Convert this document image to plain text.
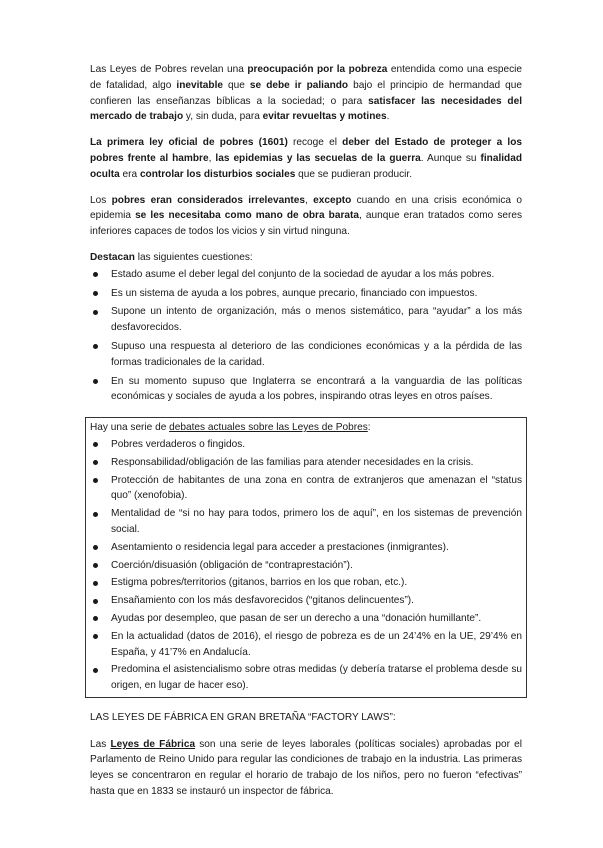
Las Leyes de Pobres revelan una preocupación por la pobreza entendida como una especie de fatalidad, algo inevitable que se debe ir paliando bajo el principio de hermandad que confieren las enseñanzas bíblicas a la sociedad; o para satisfacer las necesidades del mercado de trabajo y, sin duda, para evitar revueltas y motines.

La primera ley oficial de pobres (1601) recoge el deber del Estado de proteger a los pobres frente al hambre, las epidemias y las secuelas de la guerra. Aunque su finalidad oculta era controlar los disturbios sociales que se pudieran producir.

Los pobres eran considerados irrelevantes, excepto cuando en una crisis económica o epidemia se les necesitaba como mano de obra barata, aunque eran tratados como seres inferiores capaces de todos los vicios y sin virtud ninguna.

Destacan las siguientes cuestiones:

Estado asume el deber legal del conjunto de la sociedad de ayudar a los más pobres.
Es un sistema de ayuda a los pobres, aunque precario, financiado con impuestos.
Supone un intento de organización, más o menos sistemático, para “ayudar” a los más desfavorecidos.
Supuso una respuesta al deterioro de las condiciones económicas y a la pérdida de las formas tradicionales de la caridad.
En su momento supuso que Inglaterra se encontrará a la vanguardia de las políticas económicas y sociales de ayuda a los pobres, inspirando otras leyes en otros países.

Hay una serie de debates actuales sobre las Leyes de Pobres:

Pobres verdaderos o fingidos.
Responsabilidad/obligación de las familias para atender necesidades en la crisis.
Protección de habitantes de una zona en contra de extranjeros que amenazan el “status quo” (xenofobia).
Mentalidad de “si no hay para todos, primero los de aquí”, en los sistemas de prevención social.
Asentamiento o residencia legal para acceder a prestaciones (inmigrantes).
Coerción/disuasión (obligación de “contraprestación”).
Estigma pobres/territorios (gitanos, barrios en los que roban, etc.).
Ensañamiento con los más desfavorecidos (“gitanos delincuentes”).
Ayudas por desempleo, que pasan de ser un derecho a una “donación humillante”.
En la actualidad (datos de 2016), el riesgo de pobreza es de un 24’4% en la UE, 29’4% en España, y 41’7% en Andalucía.
Predomina el asistencialismo sobre otras medidas (y debería tratarse el problema desde su origen, en lugar de hacer eso).

LAS LEYES DE FÁBRICA EN GRAN BRETAÑA “FACTORY LAWS”:

Las Leyes de Fábrica son una serie de leyes laborales (políticas sociales) aprobadas por el Parlamento de Reino Unido para regular las condiciones de trabajo en la industria. Las primeras leyes se concentraron en regular el horario de trabajo de los niños, pero no fueron “efectivas” hasta que en 1833 se instauró un inspector de fábrica.
